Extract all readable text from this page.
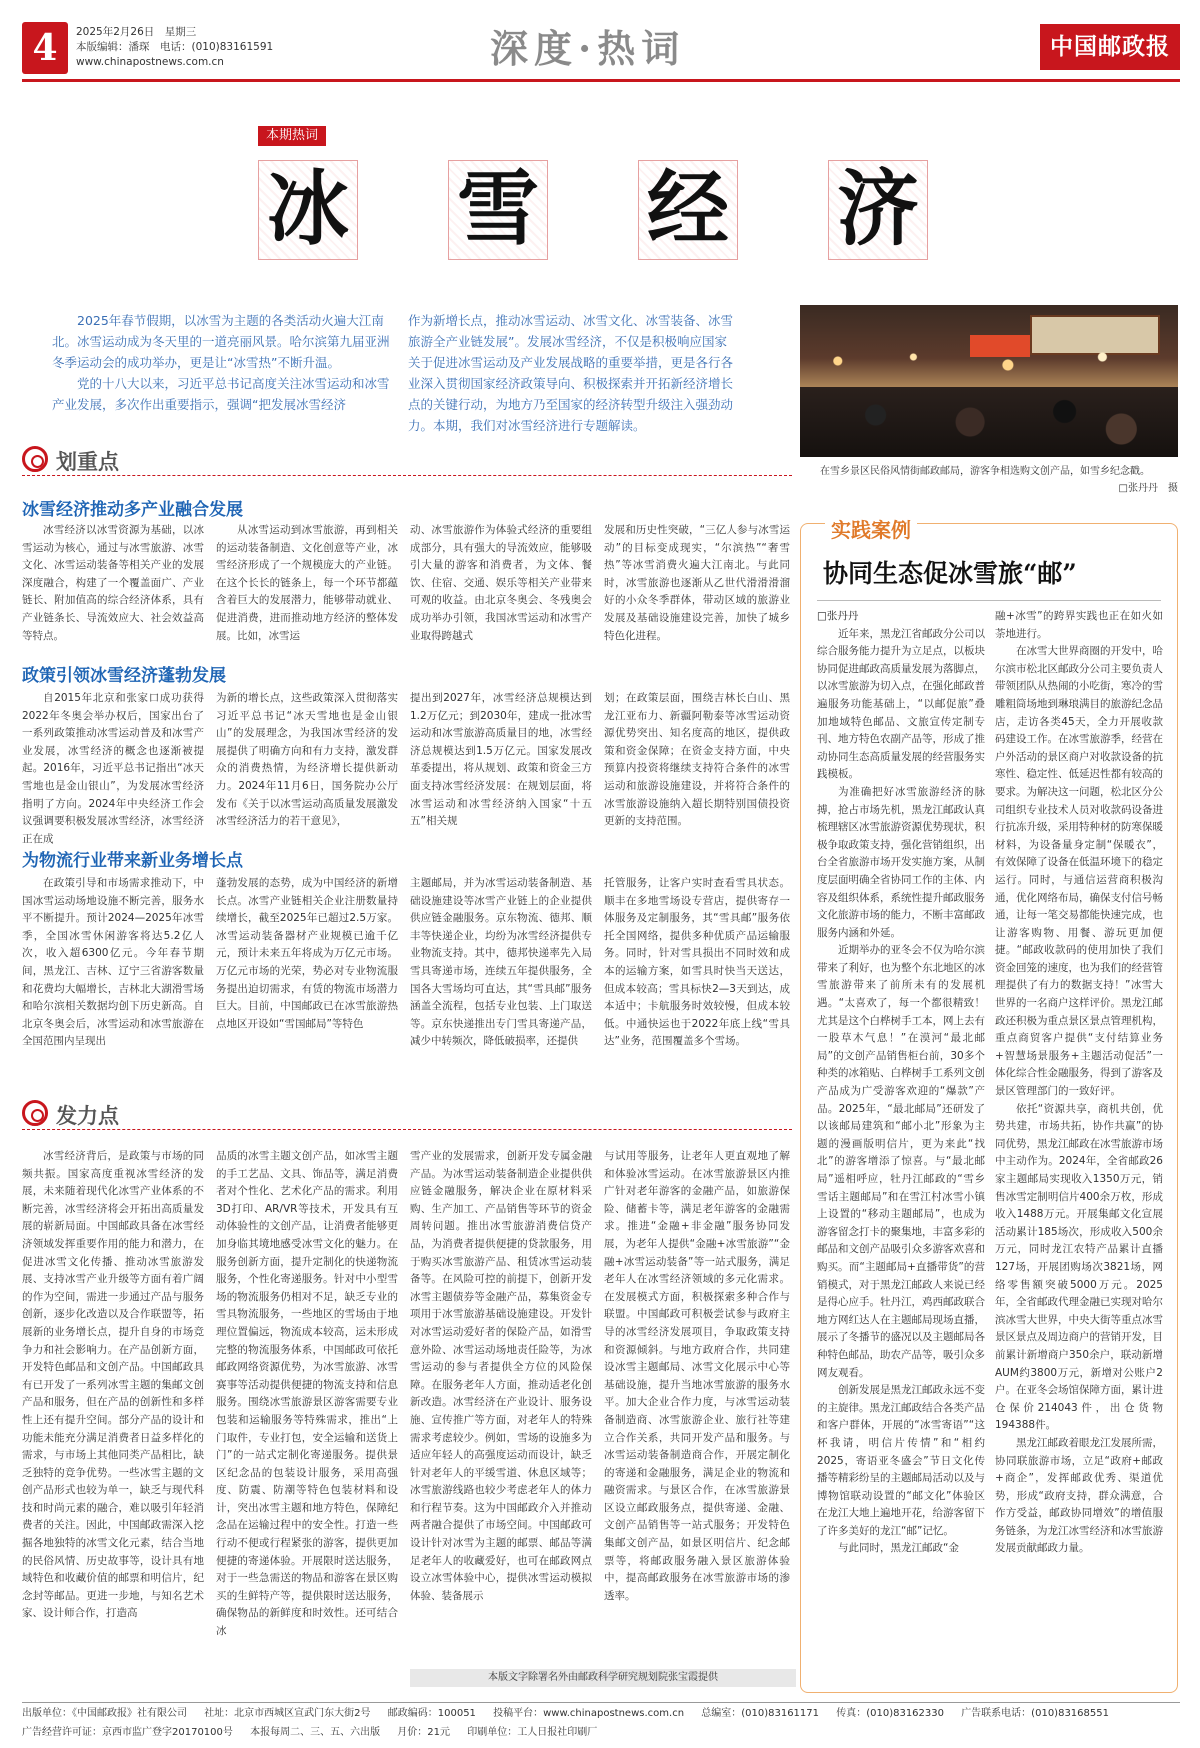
4	2025年2月26日　星期三
本版编辑：潘琛　电话：(010)83161591
www.chinapostnews.com.cn	深度·热词	中国邮政报
本期热词
冰 雪 经 济

2025年春节假期，以冰雪为主题的各类活动火遍大江南北。冰雪运动成为冬天里的一道亮丽风景。哈尔滨第九届亚洲冬季运动会的成功举办，更是让“冰雪热”不断升温。

党的十八大以来，习近平总书记高度关注冰雪运动和冰雪产业发展，多次作出重要指示，强调“把发展冰雪经济

作为新增长点，推动冰雪运动、冰雪文化、冰雪装备、冰雪旅游全产业链发展”。发展冰雪经济，不仅是积极响应国家关于促进冰雪运动及产业发展战略的重要举措，更是各行各业深入贯彻国家经济政策导向、积极探索并开拓新经济增长点的关键行动，为地方乃至国家的经济转型升级注入强劲动力。本期，我们对冰雪经济进行专题解读。
在雪乡景区民俗风情街邮政邮局，游客争相选购文创产品，如雪乡纪念戳。
□张丹丹　摄
划重点
冰雪经济推动多产业融合发展

冰雪经济以冰雪资源为基础，以冰雪运动为核心，通过与冰雪旅游、冰雪文化、冰雪运动装备等相关产业的发展深度融合，构建了一个覆盖面广、产业链长、附加值高的综合经济体系，具有产业链条长、导流效应大、社会效益高等特点。

从冰雪运动到冰雪旅游，再到相关的运动装备制造、文化创意等产业，冰雪经济形成了一个规模庞大的产业链。在这个长长的链条上，每一个环节都蕴含着巨大的发展潜力，能够带动就业、促进消费，进而推动地方经济的整体发展。比如，冰雪运

动、冰雪旅游作为体验式经济的重要组成部分，具有强大的导流效应，能够吸引大量的游客和消费者，为文体、餐饮、住宿、交通、娱乐等相关产业带来可观的收益。由北京冬奥会、冬残奥会成功举办引领，我国冰雪运动和冰雪产业取得跨越式

发展和历史性突破，“三亿人参与冰雪运动”的目标变成现实，“尔滨热”“奢雪热”等冰雪消费火遍大江南北。与此同时，冰雪旅游也逐渐从乙世代滑滑滑溜好的小众冬季群体，带动区域的旅游业发展及基础设施建设完善，加快了城乡特色化进程。

政策引领冰雪经济蓬勃发展

自2015年北京和张家口成功获得2022年冬奥会举办权后，国家出台了一系列政策推动冰雪运动普及和冰雪产业发展，冰雪经济的概念也逐渐被提起。2016年，习近平总书记指出“冰天雪地也是金山银山”，为发展冰雪经济指明了方向。2024年中央经济工作会议强调要积极发展冰雪经济，冰雪经济正在成

为新的增长点，这些政策深入贯彻落实习近平总书记“冰天雪地也是金山银山”的发展理念，为我国冰雪经济的发展提供了明确方向和有力支持，激发群众的消费热情，为经济增长提供新动力。2024年11月6日，国务院办公厅发布《关于以冰雪运动高质量发展激发冰雪经济活力的若干意见》，

提出到2027年，冰雪经济总规模达到1.2万亿元；到2030年，建成一批冰雪运动和冰雪旅游高质量目的地，冰雪经济总规模达到1.5万亿元。国家发展改革委提出，将从规划、政策和资金三方面支持冰雪经济发展：在规划层面，将冰雪运动和冰雪经济纳入国家“十五五”相关规

划；在政策层面，围绕吉林长白山、黑龙江亚布力、新疆阿勒泰等冰雪运动资源优势突出、知名度高的地区，提供政策和资金保障；在资金支持方面，中央预算内投资将继续支持符合条件的冰雪运动和旅游设施建设，并将符合条件的冰雪旅游设施纳入超长期特别国债投资更新的支持范围。

为物流行业带来新业务增长点

在政策引导和市场需求推动下，中国冰雪运动场地设施不断完善，服务水平不断提升。预计2024—2025年冰雪季，全国冰雪休闲游客将达5.2亿人次，收入超6300亿元。今年春节期间，黑龙江、吉林、辽宁三省游客数量和花费均大幅增长，吉林北大湖滑雪场和哈尔滨相关数据均创下历史新高。自北京冬奥会后，冰雪运动和冰雪旅游在全国范围内呈现出

蓬勃发展的态势，成为中国经济的新增长点。冰雪产业链相关企业注册数量持续增长，截至2025年已超过2.5万家。冰雪运动装备器材产业规模已逾千亿元，预计未来五年将成为万亿元市场。万亿元市场的光荣，势必对专业物流服务提出迫切需求，有赁的物流市场潜力巨大。目前，中国邮政已在冰雪旅游热点地区开设如“雪国邮局”等特色

主题邮局，并为冰雪运动装备制造、基础设施建设等冰雪产业链上的企业提供供应链金融服务。京东物流、德邦、顺丰等快递企业，均纷为冰雪经济提供专业物流支持。其中，德邦快递率先入局雪具寄递市场，连续五年提供服务，全国各大雪场均可直达，其“雪具邮”服务涵盖全流程，包括专业包装、上门取送等。京东快递推出专门雪具寄递产品，减少中转频次，降低破损率，还提供

托管服务，让客户实时查看雪具状态。顺丰在多地雪场设专营店，提供寄存一体服务及定制服务，其“雪具邮”服务依托全国网络，提供多种优质产品运输服务。同时，针对雪具损出不同时效和成本的运输方案，如雪具时快当天送达，但成本较高；雪具标快2—3天到达，成本适中；卡航服务时效较慢，但成本较低。中通快运也于2022年底上线“雪具达”业务，范围覆盖多个雪场。

发力点

冰雪经济背后，是政策与市场的同频共振。国家高度重视冰雪经济的发展，未来随着现代化冰雪产业体系的不断完善，冰雪经济将会开拓出高质量发展的崭新局面。中国邮政具备在冰雪经济领域发挥重要作用的能力和潜力，在促进冰雪文化传播、推动冰雪旅游发展、支持冰雪产业升级等方面有着广阔的作为空间，需进一步通过产品与服务创新，逐步化改造以及合作联盟等，拓展新的业务增长点，提升自身的市场竞争力和社会影响力。在产品创新方面，开发特色邮品和文创产品。中国邮政具有已开发了一系列冰雪主题的集邮文创产品和服务，但在产品的创新性和多样性上还有提升空间。部分产品的设计和功能未能充分满足消费者日益多样化的需求，与市场上其他同类产品相比，缺乏独特的竞争优势。一些冰雪主题的文创产品形式也较为单一，缺乏与现代科技和时尚元素的融合，难以吸引年轻消费者的关注。因此，中国邮政需深入挖掘各地独特的冰雪文化元素，结合当地的民俗风情、历史故事等，设计具有地域特色和收藏价值的邮票和明信片，纪念封等邮品。更进一步地，与知名艺术家、设计师合作，打造高

品质的冰雪主题文创产品，如冰雪主题的手工艺品、文具、饰品等，满足消费者对个性化、艺术化产品的需求。利用3D打印、AR/VR等技术，开发具有互动体验性的文创产品，让消费者能够更加身临其境地感受冰雪文化的魅力。在服务创新方面，提升定制化的快递物流服务，个性化寄递服务。针对中小型雪场的物流服务仍相对不足，缺乏专业的雪具物流服务，一些地区的雪场由于地理位置偏远，物流成本较高，运未形成完整的物流服务体系，中国邮政可依托邮政网络资源优势，为冰雪旅游、冰雪赛事等活动提供便捷的物流支持和信息服务。围绕冰雪旅游景区游客需要专业包装和运输服务等特殊需求，推出“上门取件，专业打包，安全运输和送货上门”的一站式定制化寄递服务。提供景区纪念品的包装设计服务，采用高强度、防震、防潮等特色包装材料和设计，突出冰雪主题和地方特色，保障纪念品在运输过程中的安全性。打造一些行动不便或行程紧张的游客，提供更加便捷的寄递体验。开展限时送达服务，对于一些急需送的物品和游客在景区购买的生鲜特产等，提供限时送达服务，确保物品的新鲜度和时效性。还可结合冰

雪产业的发展需求，创新开发专属金融产品。为冰雪运动装备制造企业提供供应链金融服务，解决企业在原材料采购、生产加工、产品销售等环节的资金周转问题。推出冰雪旅游消费信贷产品，为消费者提供便捷的贷款服务，用于购买冰雪旅游产品、租赁冰雪运动装备等。在风险可控的前提下，创新开发冰雪主题债券等金融产品，募集资金专项用于冰雪旅游基础设施建设。开发针对冰雪运动爱好者的保险产品，如滑雪意外险、冰雪运动场地责任险等，为冰雪运动的参与者提供全方位的风险保障。在服务老年人方面，推动适老化创新改造。冰雪经济在产业设计、服务设施、宣传推广等方面，对老年人的特殊需求考虑较少。例如，雪场的设施多为适应年轻人的高强度运动而设计，缺乏针对老年人的平缓雪道、休息区域等；冰雪旅游线路也较少考虑老年人的体力和行程节奏。这为中国邮政介入并推动两者融合提供了市场空间。中国邮政可设计针对冰雪为主题的邮票、邮品等满足老年人的收藏爱好，也可在邮政网点设立冰雪体验中心，提供冰雪运动模拟体验、装备展示

与试用等服务，让老年人更直观地了解和体验冰雪运动。在冰雪旅游景区内推广针对老年游客的金融产品，如旅游保险、储蓄卡等，满足老年游客的金融需求。推进“金融+非金融”服务协同发展，为老年人提供“金融+冰雪旅游”“金融+冰雪运动装备”等一站式服务，满足老年人在冰雪经济领域的多元化需求。在发展模式方面，积极探索多种合作与联盟。中国邮政可积极尝试参与政府主导的冰雪经济发展项目，争取政策支持和资源倾斜。与地方政府合作，共同建设冰雪主题邮局、冰雪文化展示中心等基础设施，提升当地冰雪旅游的服务水平。加大企业合作力度，与冰雪运动装备制造商、冰雪旅游企业、旅行社等建立合作关系，共同开发产品和服务。与冰雪运动装备制造商合作，开展定制化的寄递和金融服务，满足企业的物流和融资需求。与景区合作，在冰雪旅游景区设立邮政服务点，提供寄递、金融、文创产品销售等一站式服务；开发特色集邮文创产品，如景区明信片、纪念邮票等，将邮政服务融入景区旅游体验中，提高邮政服务在冰雪旅游市场的渗透率。

本版文字除署名外由邮政科学研究规划院张宝霞提供
实践案例
协同生态促冰雪旅“邮”
□张丹丹

近年来，黑龙江省邮政分公司以综合服务能力提升为立足点，以板块协同促进邮政高质量发展为落脚点，以冰雪旅游为切入点，在强化邮政普遍服务功能基础上，“以邮促旅”叠加地域特色邮品、文旅宣传定制专刊、地方特色农副产品等，形成了推动协同生态高质量发展的经营服务实践模板。

为准确把好冰雪旅游经济的脉搏，抢占市场先机，黑龙江邮政认真梳理辖区冰雪旅游资源优势现状，积极争取政策支持，强化营销组织，出台全省旅游市场开发实施方案，从制度层面明确全省协同工作的主体、内容及组织体系，系统性提升邮政服务文化旅游市场的能力，不断丰富邮政服务内涵和外延。

近期举办的亚冬会不仅为哈尔滨带来了利好，也为整个东北地区的冰雪旅游带来了前所未有的发展机遇。“太喜欢了，每一个都很精致！尤其是这个白桦树手工本，网上去有一股草木气息！”在漠河“最北邮局”的文创产品销售柜台前，30多个种类的冰箱贴、白桦树手工系列文创产品成为广受游客欢迎的“爆款”产品。2025年，“最北邮局”还研发了以该邮局建筑和“邮小北”形象为主题的漫画版明信片，更为来此“找北”的游客增添了惊喜。与“最北邮局”遥相呼应，牡丹江邮政的“雪乡雪话主题邮局”和在雪江村冰雪小镇上设置的“移动主题邮局”，也成为游客留念打卡的聚集地，丰富多彩的邮品和文创产品吸引众多游客欢喜和购买。而“主题邮局+直播带货”的营销模式，对于黑龙江邮政人来说已经是得心应手。牡丹江，鸡西邮政联合地方网红达人在主题邮局现场直播，展示了冬播节的盛况以及主题邮局各种特色邮品，助农产品等，吸引众多网友观看。

创新发展是黑龙江邮政永远不变的主旋律。黑龙江邮政结合各类产品和客户群体，开展的“冰雪寄语”“这杯我请，明信片传情”和“相约2025，寄语亚冬盛会”节日文化传播等精彩纷呈的主题邮局活动以及与博物馆联动设置的“邮文化”体验区在龙江大地上遍地开花，给游客留下了许多美好的龙江“邮”记忆。

与此同时，黑龙江邮政“金

融+冰雪”的跨界实践也正在如火如荼地进行。

在冰雪大世界商圈的开发中，哈尔滨市松北区邮政分公司主要负责人带领团队从热闹的小吃街，寒冷的雪雕粗筒场地到琳琅满目的旅游纪念品店，走访各类45天，全力开展收款码建设工作。在冰雪旅游季，经营在户外活动的景区商户对收款设备的抗寒性、稳定性、低延迟性都有较高的要求。为解决这一问题，松北区分公司组织专业技术人员对收款码设备进行抗冻升级，采用特种材的防寒保暖材料，为设备量身定制“保暖衣”，有效保障了设备在低温环境下的稳定运行。同时，与通信运营商积极沟通，优化网络布局，确保支付信号畅通，让每一笔交易都能快速完成，也让游客购物、用餐、游玩更加便捷。“邮政收款码的使用加快了我们资金回笼的速度，也为我们的经营管理提供了有力的数据支持！”冰雪大世界的一名商户这样评价。黑龙江邮政还积极为重点景区景点管理机构，重点商贸客户提供“支付结算业务+智慧场景服务+主题活动促活”一体化综合性金融服务，得到了游客及景区管理部门的一致好评。

依托“资源共享，商机共创，优势共建，市场共拓，协作共赢”的协同优势，黑龙江邮政在冰雪旅游市场中主动作为。2024年，全省邮政26家主题邮局实现收入1350万元，销售冰雪定制明信片400余万枚，形成收入1488万元。开展集邮文化宣展活动累计185场次，形成收入500余万元，同时龙江农特产品累计直播127场，开展团购场次3821场，网络零售额突破5000万元。2025年，全省邮政代理金融已实现对哈尔滨冰雪大世界，中央大街等重点冰雪景区景点及周边商户的营销开发，目前累计新增商户350余户，联动新增AUM约3800万元，新增对公账户2户。在亚冬会场馆保障方面，累计进仓保价214043件，出仓货物194388件。

黑龙江邮政着眼龙江发展所需，协同联旅游市场，立足“政府+邮政+商企”，发挥邮政优秀、渠道优势，形成“政府支持，群众满意，合作方受益，邮政协同增效”的增值服务链条，为龙江冰雪经济和冰雪旅游发展贡献邮政力量。

出版单位：《中国邮政报》社有限公司 社址：北京市西城区宣武门东大街2号 邮政编码：100051 投稿平台：www.chinapostnews.com.cn 总编室：(010)83161171 传真：(010)83162330 广告联系电话：(010)83168551
广告经营许可证：京西市监广登字20170100号 本报每周二、三、五、六出版 月价：21元 印刷单位：工人日报社印刷厂
